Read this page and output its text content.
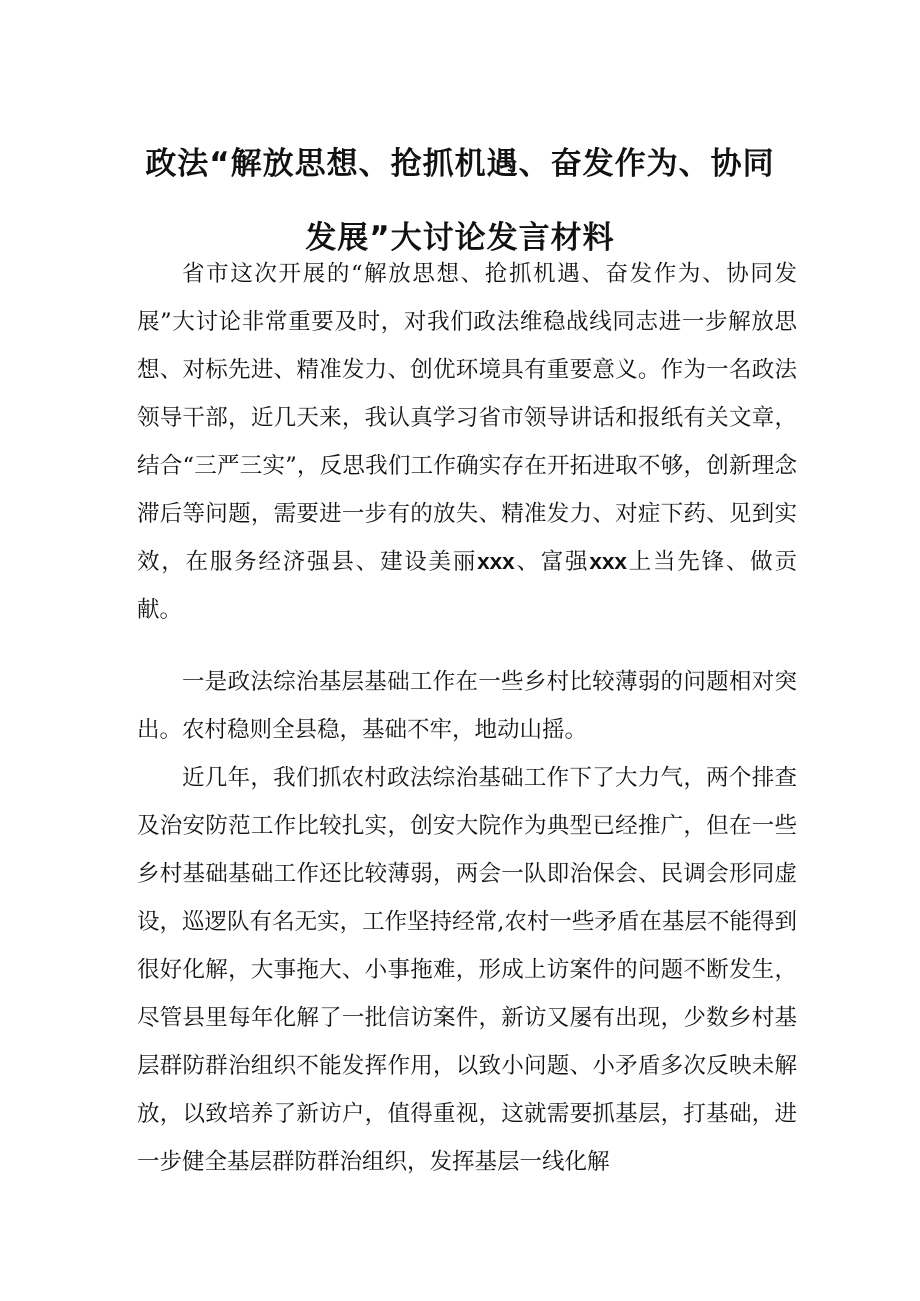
政法“解放思想、抢抓机遇、奋发作为、协同
发展”大讨论发言材料

省市这次开展的“解放思想、抢抓机遇、奋发作为、协同发展”大讨论非常重要及时，对我们政法维稳战线同志进一步解放思想、对标先进、精准发力、创优环境具有重要意义。作为一名政法领导干部，近几天来，我认真学习省市领导讲话和报纸有关文章，结合“三严三实”，反思我们工作确实存在开拓进取不够，创新理念滞后等问题，需要进一步有的放失、精准发力、对症下药、见到实效，在服务经济强县、建设美丽xxx、富强xxx上当先锋、做贡献。

一是政法综治基层基础工作在一些乡村比较薄弱的问题相对突出。农村稳则全县稳，基础不牢，地动山摇。

近几年，我们抓农村政法综治基础工作下了大力气，两个排查及治安防范工作比较扎实，创安大院作为典型已经推广，但在一些乡村基础基础工作还比较薄弱，两会一队即治保会、民调会形同虚设，巡逻队有名无实，工作坚持经常,农村一些矛盾在基层不能得到很好化解，大事拖大、小事拖难，形成上访案件的问题不断发生，尽管县里每年化解了一批信访案件，新访又屡有出现，少数乡村基层群防群治组织不能发挥作用，以致小问题、小矛盾多次反映未解放，以致培养了新访户，值得重视，这就需要抓基层，打基础，进一步健全基层群防群治组织，发挥基层一线化解
